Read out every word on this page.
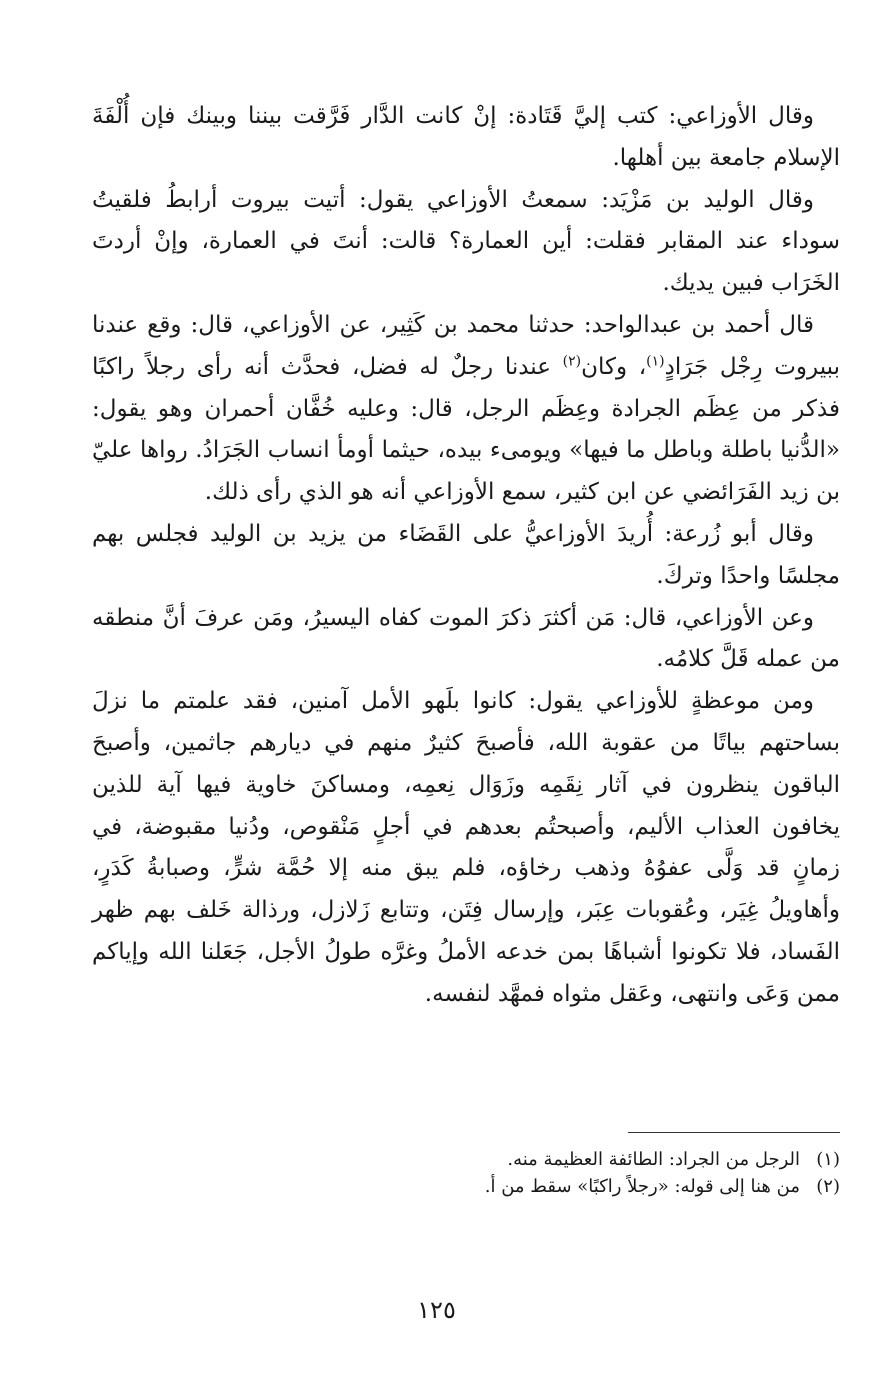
وقال الأوزاعي: كتب إليَّ قَتَادة: إنْ كانت الدَّار فَرَّقت بيننا وبينك فإن أُلْفَةَ الإسلام جامعة بين أهلها.

وقال الوليد بن مَزْيَد: سمعتُ الأوزاعي يقول: أتيت بيروت أرابطُ فلقيتُ سوداء عند المقابر فقلت: أين العمارة؟ قالت: أنتَ في العمارة، وإنْ أردتَ الخَرَاب فبين يديك.

قال أحمد بن عبدالواحد: حدثنا محمد بن كَثِير، عن الأوزاعي، قال: وقع عندنا ببيروت رِجْل جَرَادٍ$^{(١)}$، وكان$^{(٢)}$ عندنا رجلٌ له فضل، فحدَّث أنه رأى رجلاً راكبًا فذكر من عِظَم الجرادة وعِظَم الرجل، قال: وعليه خُفَّان أحمران وهو يقول: «الدُّنيا باطلة وباطل ما فيها» ويومىء بيده، حيثما أومأ انساب الجَرَادُ. رواها عليّ بن زيد الفَرَائضي عن ابن كثير، سمع الأوزاعي أنه هو الذي رأى ذلك.

وقال أبو زُرعة: أُريدَ الأوزاعيُّ على القَضَاء من يزيد بن الوليد فجلس بهم مجلسًا واحدًا وتركَ.

وعن الأوزاعي، قال: مَن أكثرَ ذكرَ الموت كفاه اليسيرُ، ومَن عرفَ أنَّ منطقه من عمله قَلَّ كلامُه.

ومن موعظةٍ للأوزاعي يقول: كانوا بلَهو الأمل آمنين، فقد علمتم ما نزلَ بساحتهم بياتًا من عقوبة الله، فأصبحَ كثيرٌ منهم في ديارهم جاثمين، وأصبحَ الباقون ينظرون في آثار نِقَمِه وزَوَال نِعمِه، ومساكنَ خاوية فيها آية للذين يخافون العذاب الأليم، وأصبحتُم بعدهم في أجلٍ مَنْقوص، ودُنيا مقبوضة، في زمانٍ قد وَلَّى عفوُهُ وذهب رخاؤه، فلم يبق منه إلا حُمَّة شرٍّ، وصبابةُ كَدَرٍ، وأهاويلُ غِيَر، وعُقوبات عِبَر، وإرسال فِتَن، وتتابع زَلازل، ورذالة خَلف بهم ظهر الفَساد، فلا تكونوا أشباهًا بمن خدعه الأملُ وغرَّه طولُ الأجل، جَعَلنا الله وإياكم ممن وَعَى وانتهى، وعَقل مثواه فمهَّد لنفسه.

(١)الرجل من الجراد: الطائفة العظيمة منه.

(٢)من هنا إلى قوله: «رجلاً راكبًا» سقط من أ.

١٢٥
